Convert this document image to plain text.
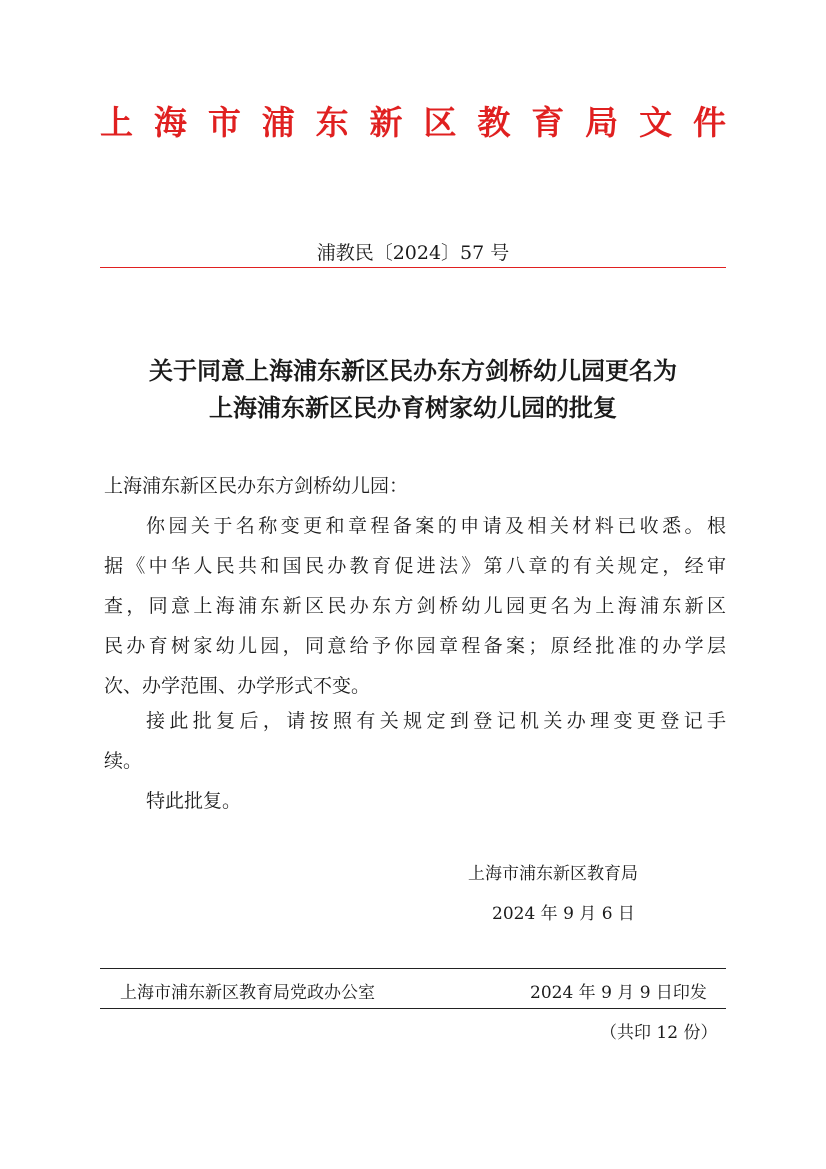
上 海 市 浦 东 新 区 教 育 局 文 件
浦教民〔2024〕57 号
关于同意上海浦东新区民办东方剑桥幼儿园更名为
上海浦东新区民办育树家幼儿园的批复
上海浦东新区民办东方剑桥幼儿园：
你园关于名称变更和章程备案的申请及相关材料已收悉。根
据《中华人民共和国民办教育促进法》第八章的有关规定，经审
查，同意上海浦东新区民办东方剑桥幼儿园更名为上海浦东新区
民办育树家幼儿园，同意给予你园章程备案；原经批准的办学层
次、办学范围、办学形式不变。
接此批复后，请按照有关规定到登记机关办理变更登记手
续。
特此批复。
上海市浦东新区教育局
2024 年 9 月 6 日
上海市浦东新区教育局党政办公室	2024 年 9 月 9 日印发
（共印 12 份）
